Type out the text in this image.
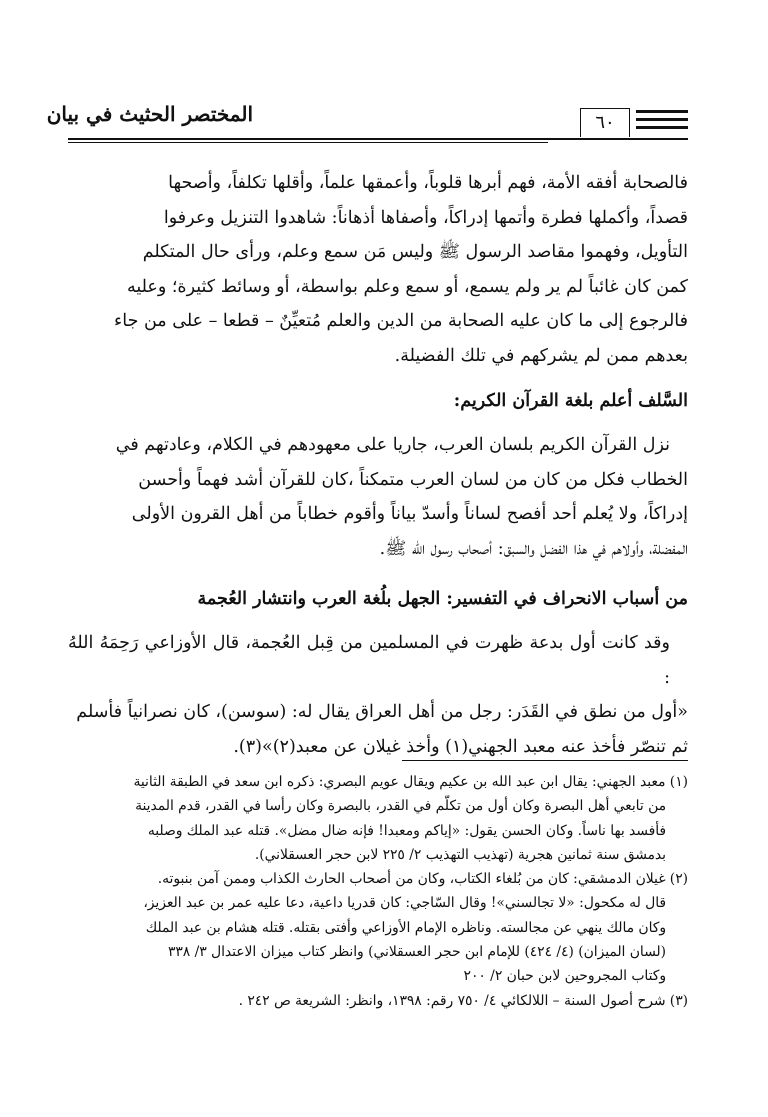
المختصر الحثيث في بيان	٦٠

فالصحابة أفقه الأمة، فهم أبرها قلوباً، وأعمقها علماً، وأقلها تكلفاً، وأصحها

قصداً، وأكملها فطرة وأتمها إدراكاً، وأصفاها أذهاناً: شاهدوا التنزيل وعرفوا

التأويل، وفهموا مقاصد الرسول ﷺ وليس مَن سمع وعلم، ورأى حال المتكلم

كمن كان غائباً لم ير ولم يسمع، أو سمع وعلم بواسطة، أو وسائط كثيرة؛ وعليه

فالرجوع إلى ما كان عليه الصحابة من الدين والعلم مُتعيِّنٌ – قطعا – على من جاء

بعدهم ممن لم يشركهم في تلك الفضيلة.

السَّلف أعلم بلغة القرآن الكريم:

نزل القرآن الكريم بلسان العرب، جاريا على معهودهم في الكلام، وعادتهم في

الخطاب فكل من كان من لسان العرب متمكناً ،كان للقرآن أشد فهماً وأحسن

إدراكاً، ولا يُعلم أحد أفصح لساناً وأسدّ بياناً وأقوم خطاباً من أهل القرون الأولى

المفضلة، وأولاهم في هذا الفضل والسبق: أصحاب رسول الله ﷺ.

من أسباب الانحراف في التفسير: الجهل بلُغة العرب وانتشار العُجمة

وقد كانت أول بدعة ظهرت في المسلمين من قِبل العُجمة، قال الأوزاعي رَحِمَهُ اللهُ :

«أول من نطق في القَدَر: رجل من أهل العراق يقال له: (سوسن)، كان نصرانياً فأسلم

ثم تنصّر فأخذ عنه معبد الجهني(١) وأخذ غيلان عن معبد(٢)»(٣).

(١) معبد الجهني: يقال ابن عبد الله بن عكيم ويقال عويم البصري: ذكره ابن سعد في الطبقة الثانية
من تابعي أهل البصرة وكان أول من تكلّم في القدر، بالبصرة وكان رأسا في القدر، قدم المدينة
فأفسد بها ناساً. وكان الحسن يقول: «إياكم ومعبدا! فإنه ضال مضل». قتله عبد الملك وصلبه
بدمشق سنة ثمانين هجرية (تهذيب التهذيب ٢/ ٢٢٥ لابن حجر العسقلاني).
(٢) غيلان الدمشقي: كان من بُلغاء الكتاب، وكان من أصحاب الحارث الكذاب وممن آمن بنبوته.
قال له مكحول: «لا تجالسني»! وقال السّاجي: كان قدريا داعية، دعا عليه عمر بن عبد العزيز،
وكان مالك ينهي عن مجالسته. وناظره الإمام الأوزاعي وأفتى بقتله. قتله هشام بن عبد الملك
(لسان الميزان) (٤/ ٤٢٤) للإمام ابن حجر العسقلاني) وانظر كتاب ميزان الاعتدال ٣/ ٣٣٨
وكتاب المجروحين لابن حبان ٢/ ٢٠٠
(٣) شرح أصول السنة – اللالكائي ٤/ ٧٥٠ رقم: ١٣٩٨، وانظر: الشريعة ص ٢٤٢ .
